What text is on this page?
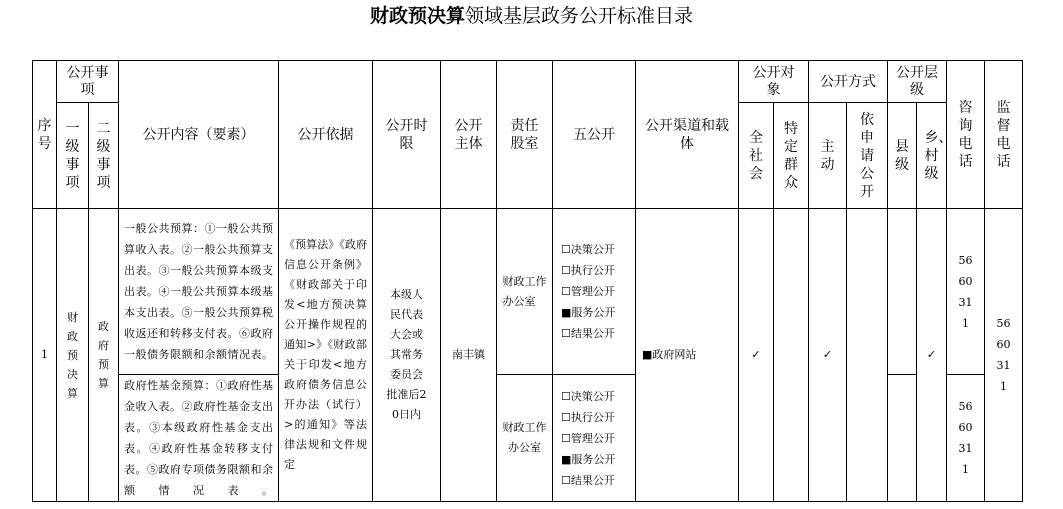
财政预决算领域基层政务公开标准目录
序号	公开事项		公开内容（要素）	公开依据	公开时限	公开主体	责任股室	五公开	公开渠道和载体	公开对象		公开方式		公开层级		咨询电话	监督电话

	一级事项	二级事项								全社会	特定群众	主动	依申请公开	县级	乡、村级		

1	财政预决算	政府预算	一般公共预算：①一般公共预算收入表。②一般公共预算支出表。③一般公共预算本级支出表。④一般公共预算本级基本支出表。⑤一般公共预算税收返还和转移支付表。⑥政府一般债务限额和余额情况表。	《预算法》《政府信息公开条例》《财政部关于印发<地方预决算公开操作规程的通知>》《财政部关于印发<地方政府债务信息公开办法（试行）>的通知》等法律法规和文件规定	本级人民代表大会或其常务委员会批准后20日内	南丰镇	财政工作办公室	☐决策公开
☐执行公开
☐管理公开
■服务公开
☐结果公开	■政府网站	✓		✓			✓	566031 1	566031 1

			政府性基金预算：①政府性基金收入表。②政府性基金支出表。③本级政府性基金支出表。④政府性基金转移支付表。⑤政府专项债务限额和余额情况表。				财政工作办公室	☐决策公开
☐执行公开
☐管理公开
■服务公开
☐结果公开								566031 1	
